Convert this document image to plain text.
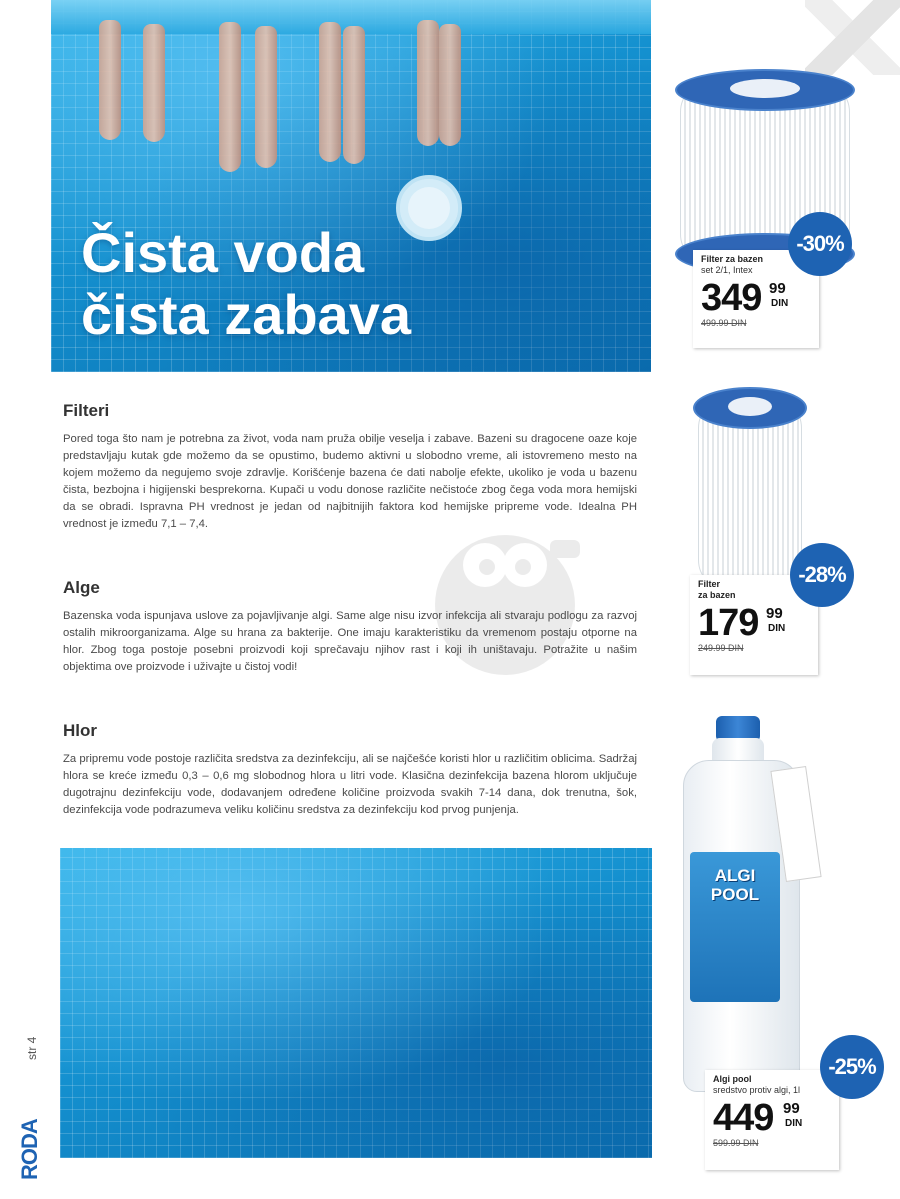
Čista voda
čista zabava
Filteri

Pored toga što nam je potrebna za život, voda nam pruža obilje veselja i zabave. Bazeni su dragocene oaze koje predstavljaju kutak gde možemo da se opustimo, budemo aktivni u slobodno vreme, ali istovremeno mesto na kojem možemo da negujemo svoje zdravlje. Korišćenje bazena će dati nabolje efekte, ukoliko je voda u bazenu čista, bezbojna i higijenski besprekorna. Kupači u vodu donose različite nečistoće zbog čega voda mora hemijski da se obradi. Ispravna PH vrednost je jedan od najbitnijih faktora kod hemijske pripreme vode. Idealna PH vrednost je između 7,1 – 7,4.

Alge

Bazenska voda ispunjava uslove za pojavljivanje algi. Same alge nisu izvor infekcija ali stvaraju podlogu za razvoj ostalih mikroorganizama. Alge su hrana za bakterije. One imaju karakteristiku da vremenom postaju otporne na hlor. Zbog toga postoje posebni proizvodi koji sprečavaju njihov rast i koji ih uništavaju. Potražite u našim objektima ove proizvode i uživajte u čistoj vodi!

Hlor

Za pripremu vode postoje različita sredstva za dezinfekciju, ali se najčešće koristi hlor u različitim oblicima. Sadržaj hlora se kreće između 0,3 – 0,6 mg slobodnog hlora u litri vode. Klasična dezinfekcija bazena hlorom uključuje dugotrajnu dezinfekciju vode, dodavanjem određene količine proizvoda svakih 7-14 dana, dok trenutna, šok, dezinfekcija vode podrazumeva veliku količinu sredstva za dezinfekciju kod prvog punjenja.

Filter za bazen
set 2/1, Intex
349 99
DIN
499.99 DIN
-30%
Filter
za bazen
179 99
DIN
249.99 DIN
-28%
ALGI
POOL
Algi pool
sredstvo protiv algi, 1l
449 99
DIN
599.99 DIN
-25%
str 4
RODA
